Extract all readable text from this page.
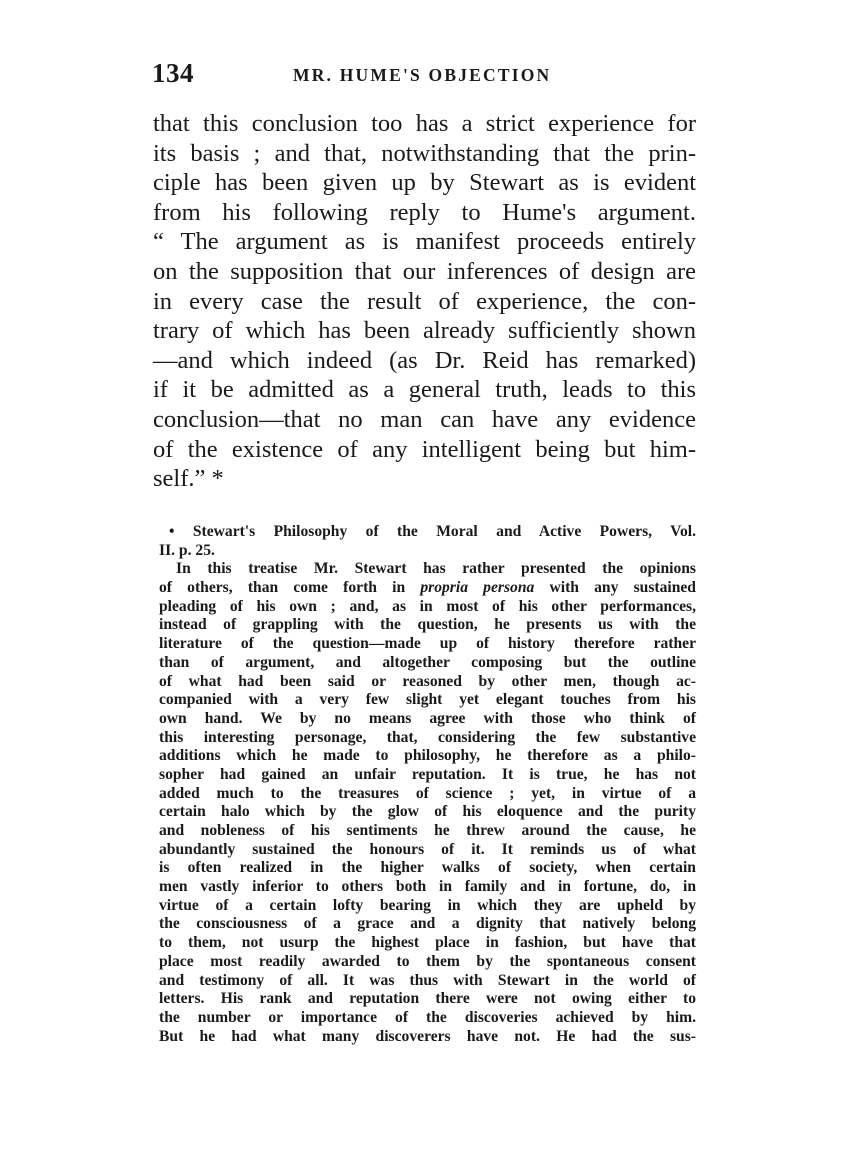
134	MR. HUME'S OBJECTION
that this conclusion too has a strict experience for
its basis ; and that, notwithstanding that the prin-
ciple has been given up by Stewart as is evident
from his following reply to Hume's argument.
“ The argument as is manifest proceeds entirely
on the supposition that our inferences of design are
in every case the result of experience, the con-
trary of which has been already sufficiently shown
—and which indeed (as Dr. Reid has remarked)
if it be admitted as a general truth, leads to this
conclusion—that no man can have any evidence
of the existence of any intelligent being but him-
self.” *
• Stewart's Philosophy of the Moral and Active Powers, Vol.
II. p. 25.
In this treatise Mr. Stewart has rather presented the opinions
of others, than come forth in propria persona with any sustained
pleading of his own ; and, as in most of his other performances,
instead of grappling with the question, he presents us with the
literature of the question—made up of history therefore rather
than of argument, and altogether composing but the outline
of what had been said or reasoned by other men, though ac-
companied with a very few slight yet elegant touches from his
own hand. We by no means agree with those who think of
this interesting personage, that, considering the few substantive
additions which he made to philosophy, he therefore as a philo-
sopher had gained an unfair reputation. It is true, he has not
added much to the treasures of science ; yet, in virtue of a
certain halo which by the glow of his eloquence and the purity
and nobleness of his sentiments he threw around the cause, he
abundantly sustained the honours of it. It reminds us of what
is often realized in the higher walks of society, when certain
men vastly inferior to others both in family and in fortune, do, in
virtue of a certain lofty bearing in which they are upheld by
the consciousness of a grace and a dignity that natively belong
to them, not usurp the highest place in fashion, but have that
place most readily awarded to them by the spontaneous consent
and testimony of all. It was thus with Stewart in the world of
letters. His rank and reputation there were not owing either to
the number or importance of the discoveries achieved by him.
But he had what many discoverers have not. He had the sus-
